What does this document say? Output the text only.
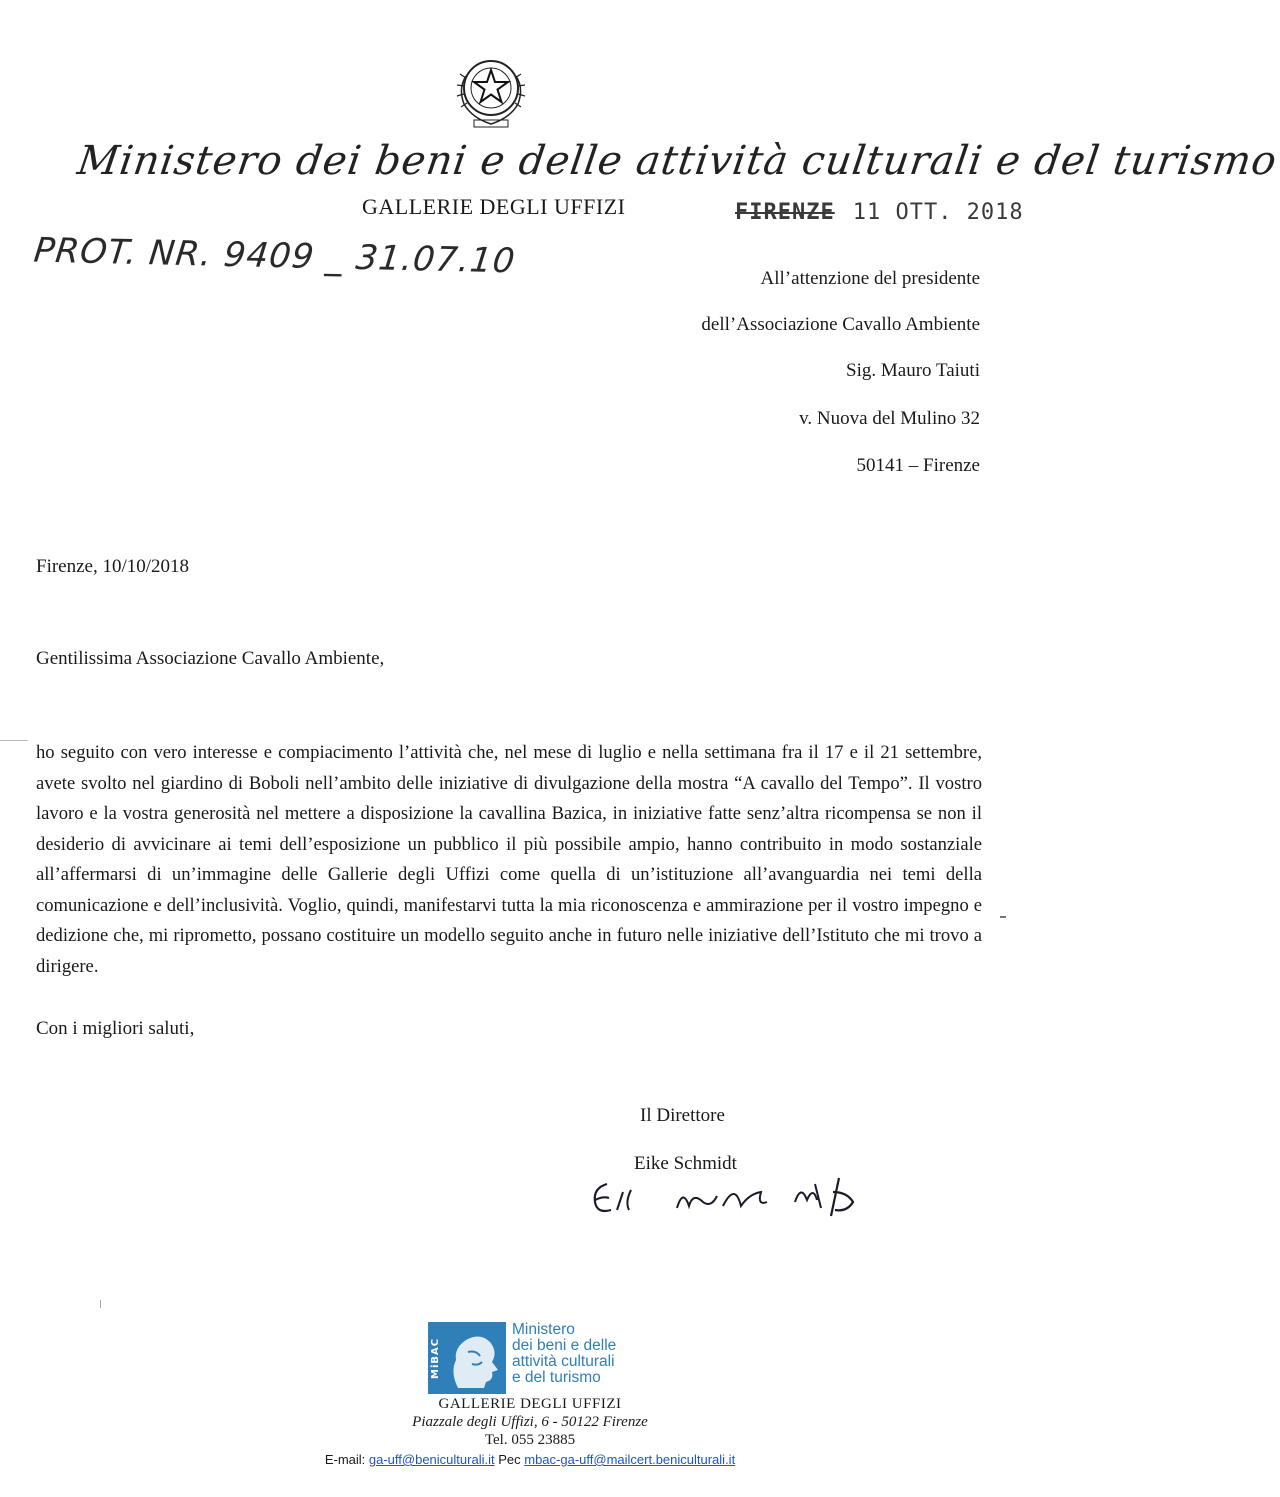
Ministero dei beni e delle attività culturali e del turismo
GALLERIE DEGLI UFFIZI	FIRENZE 11 OTT. 2018
PROT. NR. 9409 _ 31.07.10	All’attenzione del presidente
dell’Associazione Cavallo Ambiente
Sig. Mauro Taiuti
v. Nuova del Mulino 32
50141 – Firenze
Firenze, 10/10/2018
Gentilissima Associazione Cavallo Ambiente,
ho seguito con vero interesse e compiacimento l’attività che, nel mese di luglio e nella settimana fra il 17 e il 21 settembre, avete svolto nel giardino di Boboli nell’ambito delle iniziative di divulgazione della mostra “A cavallo del Tempo”. Il vostro lavoro e la vostra generosità nel mettere a disposizione la cavallina Bazica, in iniziative fatte senz’altra ricompensa se non il desiderio di avvicinare ai temi dell’esposizione un pubblico il più possibile ampio, hanno contribuito in modo sostanziale all’affermarsi di un’immagine delle Gallerie degli Uffizi come quella di un’istituzione all’avanguardia nei temi della comunicazione e dell’inclusività. Voglio, quindi, manifestarvi tutta la mia riconoscenza e ammirazione per il vostro impegno e dedizione che, mi riprometto, possano costituire un modello seguito anche in futuro nelle iniziative dell’Istituto che mi trovo a dirigere.
Con i migliori saluti,
Il Direttore
Eike Schmidt
MiBAC
Ministero
dei beni e delle
attività culturali
e del turismo
GALLERIE DEGLI UFFIZI
Piazzale degli Uffizi, 6 - 50122 Firenze
Tel. 055 23885
E-mail: ga-uff@beniculturali.it Pec mbac-ga-uff@mailcert.beniculturali.it
